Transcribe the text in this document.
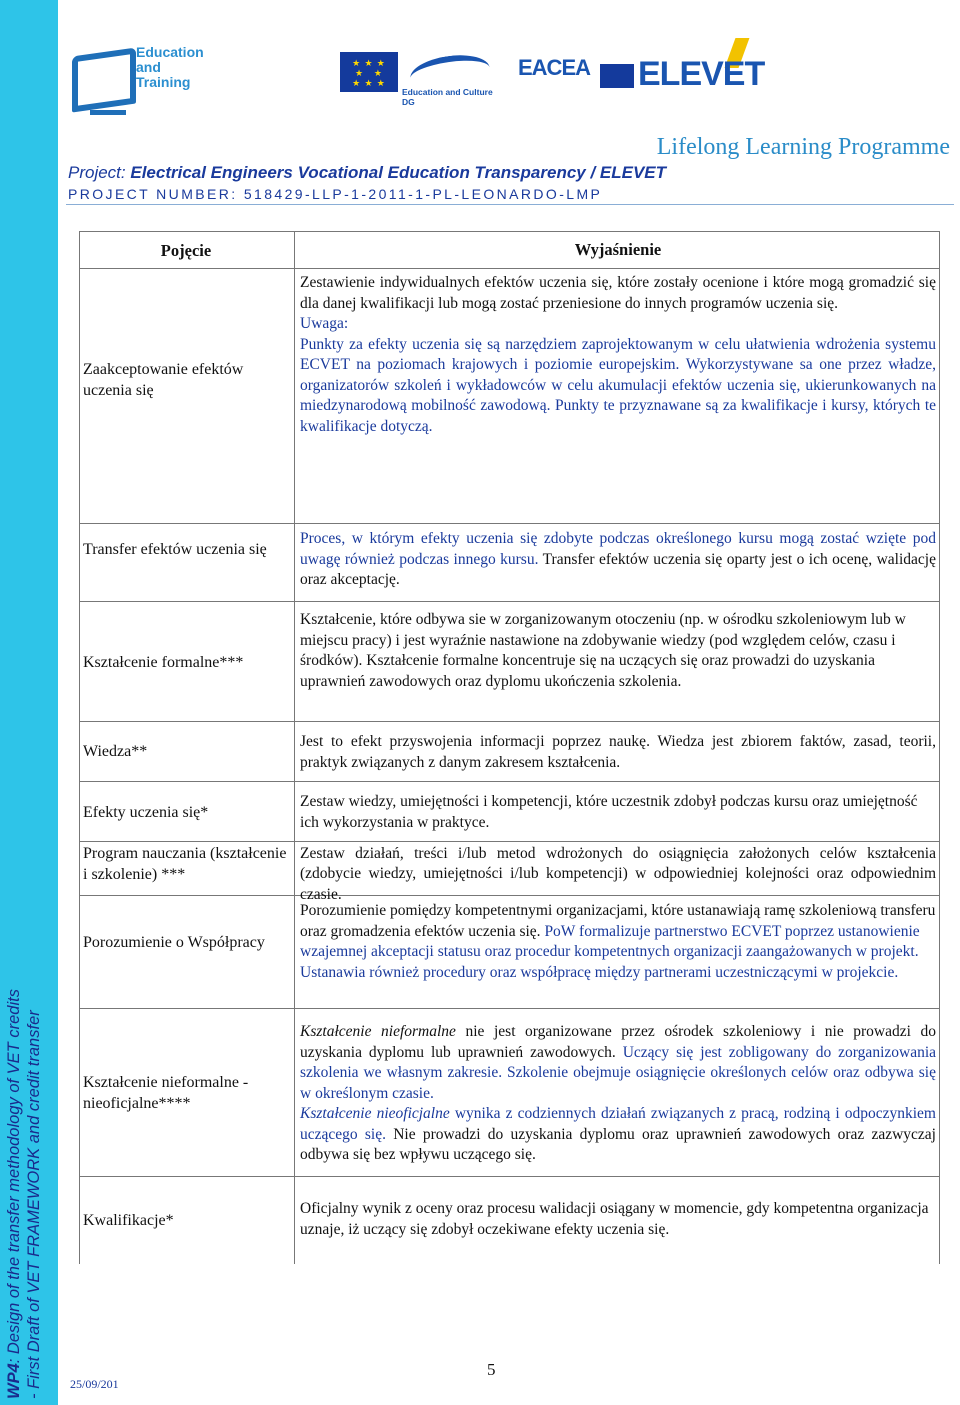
WP4: Design of the transfer methodology of VET credits - First Draft of VET FRAMEWORK and credit transfer
Education
and
Training
★ ★ ★
★   ★
★ ★ ★
Education and Culture DG
EACEA
ELEVET
Lifelong Learning Programme
Project: Electrical Engineers Vocational Education Transparency / ELEVET
PROJECT NUMBER: 518429-LLP-1-2011-1-PL-LEONARDO-LMP
Pojęcie	Wyjaśnienie
Zaakceptowanie efektów uczenia się
Zestawienie indywidualnych efektów uczenia się, które zostały ocenione i które mogą gromadzić się dla danej kwalifikacji lub mogą zostać przeniesione do innych programów uczenia się.
Uwaga:
Punkty za efekty uczenia się są narzędziem zaprojektowanym w celu ułatwienia wdrożenia systemu ECVET na poziomach krajowych i poziomie europejskim. Wykorzystywane sa one przez władze, organizatorów szkoleń i wykładowców w celu akumulacji efektów uczenia się, ukierunkowanych na miedzynarodową mobilność zawodową. Punkty te przyznawane są za kwalifikacje i kursy, których te kwalifikacje dotyczą.
Transfer efektów uczenia się
Proces, w którym efekty uczenia się zdobyte podczas określonego kursu mogą zostać wzięte pod uwagę również podczas innego kursu. Transfer efektów uczenia się oparty jest o ich ocenę, walidację oraz akceptację.
Kształcenie formalne***
Kształcenie, które odbywa sie w zorganizowanym otoczeniu (np. w ośrodku szkoleniowym lub w miejscu pracy) i jest wyraźnie nastawione na zdobywanie wiedzy (pod względem celów, czasu i środków). Kształcenie formalne koncentruje się na uczących się oraz prowadzi do uzyskania uprawnień zawodowych oraz dyplomu ukończenia szkolenia.
Wiedza**
Jest to efekt przyswojenia informacji poprzez naukę. Wiedza jest zbiorem faktów, zasad, teorii, praktyk związanych z danym zakresem kształcenia.
Efekty uczenia się*
Zestaw wiedzy, umiejętności i kompetencji, które uczestnik zdobył podczas kursu oraz umiejętność ich wykorzystania w praktyce.
Program nauczania (kształcenie i szkolenie) ***

Zestaw działań, treści i/lub metod wdrożonych do osiągnięcia założonych celów kształcenia (zdobycie wiedzy, umiejętności i/lub kompetencji) w odpowiedniej kolejności oraz odpowiednim czasie.
Porozumienie o Współpracy
Porozumienie pomiędzy kompetentnymi organizacjami, które ustanawiają ramę szkoleniową transferu oraz gromadzenia efektów uczenia się. PoW formalizuje partnerstwo ECVET poprzez ustanowienie wzajemnej akceptacji statusu oraz procedur kompetentnych organizacji zaangażowanych w projekt. Ustanawia również procedury oraz współpracę między partnerami uczestniczącymi w projekcie.
Kształcenie nieformalne - nieoficjalne****
Kształcenie nieformalne nie jest organizowane przez ośrodek szkoleniowy i nie prowadzi do uzyskania dyplomu lub uprawnień zawodowych. Uczący się jest zobligowany do zorganizowania szkolenia we własnym zakresie. Szkolenie obejmuje osiągnięcie określonych celów oraz odbywa się w określonym czasie.
Kształcenie nieoficjalne wynika z codziennych działań związanych z pracą, rodziną i odpoczynkiem uczącego się. Nie prowadzi do uzyskania dyplomu oraz uprawnień zawodowych oraz zazwyczaj odbywa się bez wpływu uczącego się.
Kwalifikacje*
Oficjalny wynik z oceny oraz procesu walidacji osiągany w momencie, gdy kompetentna organizacja uznaje, iż uczący się zdobył oczekiwane efekty uczenia się.
5
25/09/201
